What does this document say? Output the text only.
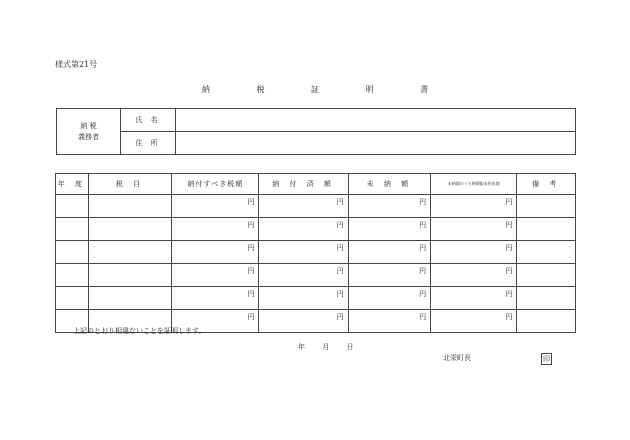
様式第21号
納	税	証	明	書
納 税
義務者	氏 名	
	住 所	
年 度	税 目	納付すべき税額	納 付 済 額	未 納 額	未納額のうち納期限未到来額	備 考
		円	円	円	円	
		円	円	円	円	
		円	円	円	円	
		円	円	円	円	
		円	円	円	円	
		円	円	円	円	
上記のとおり相違ないことを証明します。
年 月 日
北栄町長	印
